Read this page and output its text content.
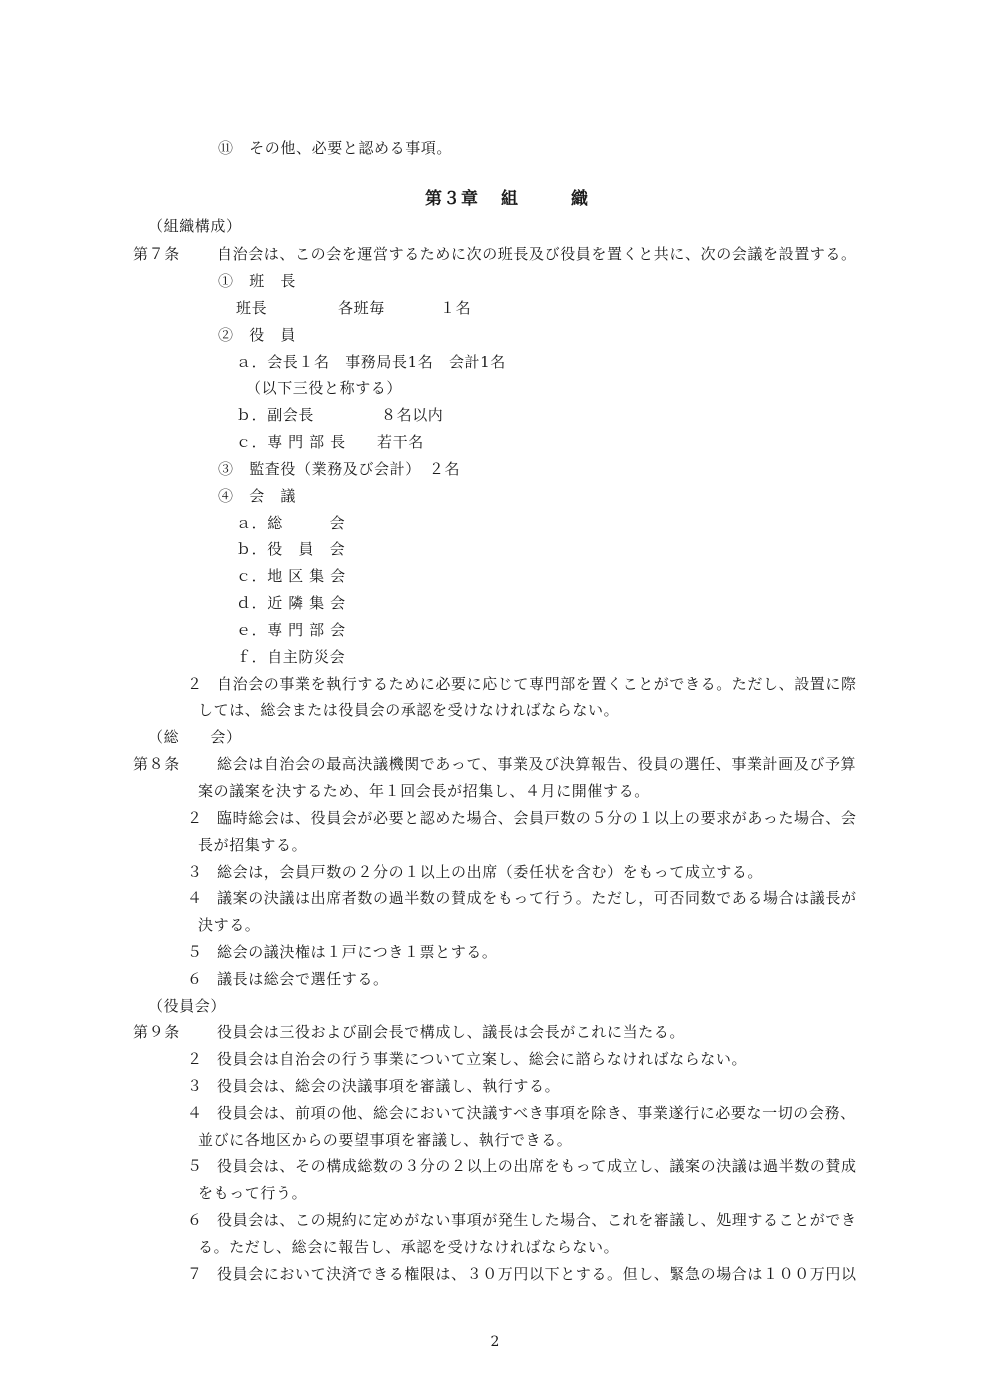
⑪　その他、必要と認める事項。
第３章 組	織
（組織構成）
第７条 自治会は、この会を運営するために次の班長及び役員を置くと共に、次の会議を設置する。
①　班　長
班長	各班毎	１名
②　役　員
ａ．会長１名　事務局長1名　会計1名
（以下三役と称する）
ｂ．副会長	８名以内
ｃ．専 門 部 長 若干名
③　監査役（業務及び会計）　２名
④　会　議
ａ．総　　　会
ｂ．役　員　会
ｃ．地 区 集 会
ｄ．近 隣 集 会
ｅ．専 門 部 会
ｆ．自主防災会
２ 自治会の事業を執行するために必要に応じて専門部を置くことができる。ただし、設置に際
しては、総会または役員会の承認を受けなければならない。
（総　　会）
第８条 総会は自治会の最高決議機関であって、事業及び決算報告、役員の選任、事業計画及び予算
案の議案を決するため、年１回会長が招集し、４月に開催する。
２ 臨時総会は、役員会が必要と認めた場合、会員戸数の５分の１以上の要求があった場合、会
長が招集する。
３ 総会は，会員戸数の２分の１以上の出席（委任状を含む）をもって成立する。
４ 議案の決議は出席者数の過半数の賛成をもって行う。ただし，可否同数である場合は議長が
決する。
５ 総会の議決権は１戸につき１票とする。
６ 議長は総会で選任する。
（役員会）
第９条 役員会は三役および副会長で構成し、議長は会長がこれに当たる。
２ 役員会は自治会の行う事業について立案し、総会に諮らなければならない。
３ 役員会は、総会の決議事項を審議し、執行する。
４ 役員会は、前項の他、総会において決議すべき事項を除き、事業遂行に必要な一切の会務、
並びに各地区からの要望事項を審議し、執行できる。
５ 役員会は、その構成総数の３分の２以上の出席をもって成立し、議案の決議は過半数の賛成
をもって行う。
６ 役員会は、この規約に定めがない事項が発生した場合、これを審議し、処理することができ
る。ただし、総会に報告し、承認を受けなければならない。
７ 役員会において決済できる権限は、３０万円以下とする。但し、緊急の場合は１００万円以
2
